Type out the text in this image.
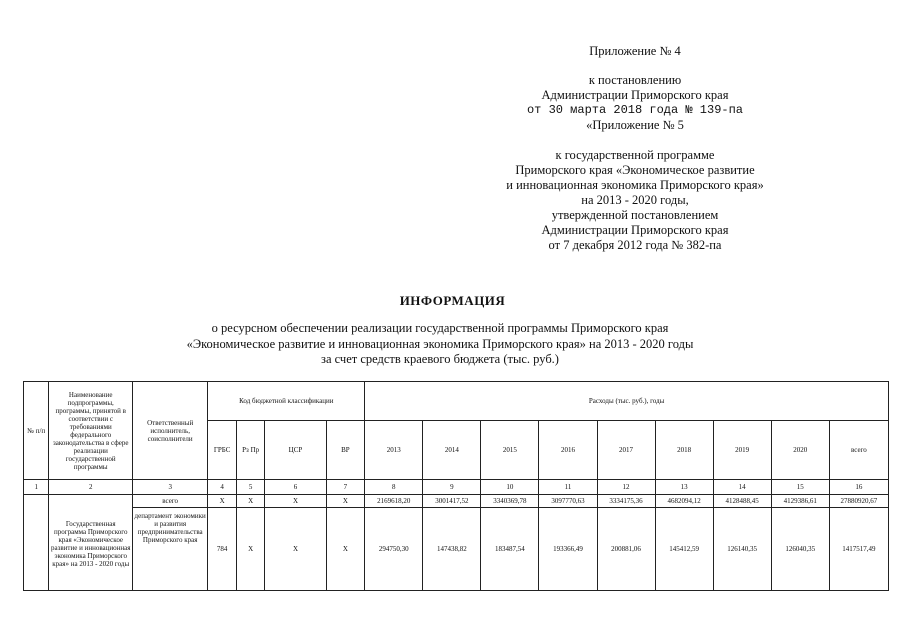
Приложение № 4
к постановлению
Администрации Приморского края
от 30 марта 2018 года № 139-па
«Приложение № 5
к государственной программе
Приморского края «Экономическое развитие
и инновационная экономика Приморского края»
на 2013 - 2020 годы,
утвержденной постановлением
Администрации Приморского края
от 7 декабря 2012 года № 382-па
ИНФОРМАЦИЯ
о ресурсном обеспечении реализации государственной программы Приморского края
«Экономическое развитие и инновационная экономика Приморского края» на 2013 - 2020 годы
за счет средств краевого бюджета (тыс. руб.)
№ п/п	Наименование подпрограммы, программы, принятой в соответствии с требованиями федерального законодательства в сфере реализации государственной программы	Ответственный исполнитель, соисполнители	Код бюджетной классификации				Расходы (тыс. руб.), годы								
			ГРБС	Рз Пр	ЦСР	ВР	2013	2014	2015	2016	2017	2018	2019	2020	всего
1	2	3	4	5	6	7	8	9	10	11	12	13	14	15	16
	Государственная программа Приморского края «Экономическое развитие и инновационная экономика Приморского края» на 2013 - 2020 годы	всего	X	X	X	X	2169618,20	3001417,52	3340369,78	3097770,63	3334175,36	4682094,12	4128488,45	4129386,61	27880920,67
		департамент экономики и развития предпринимательства Приморского края	784	X	X	X	294750,30	147438,82	183487,54	193366,49	200881,06	145412,59	126140,35	126040,35	1417517,49
